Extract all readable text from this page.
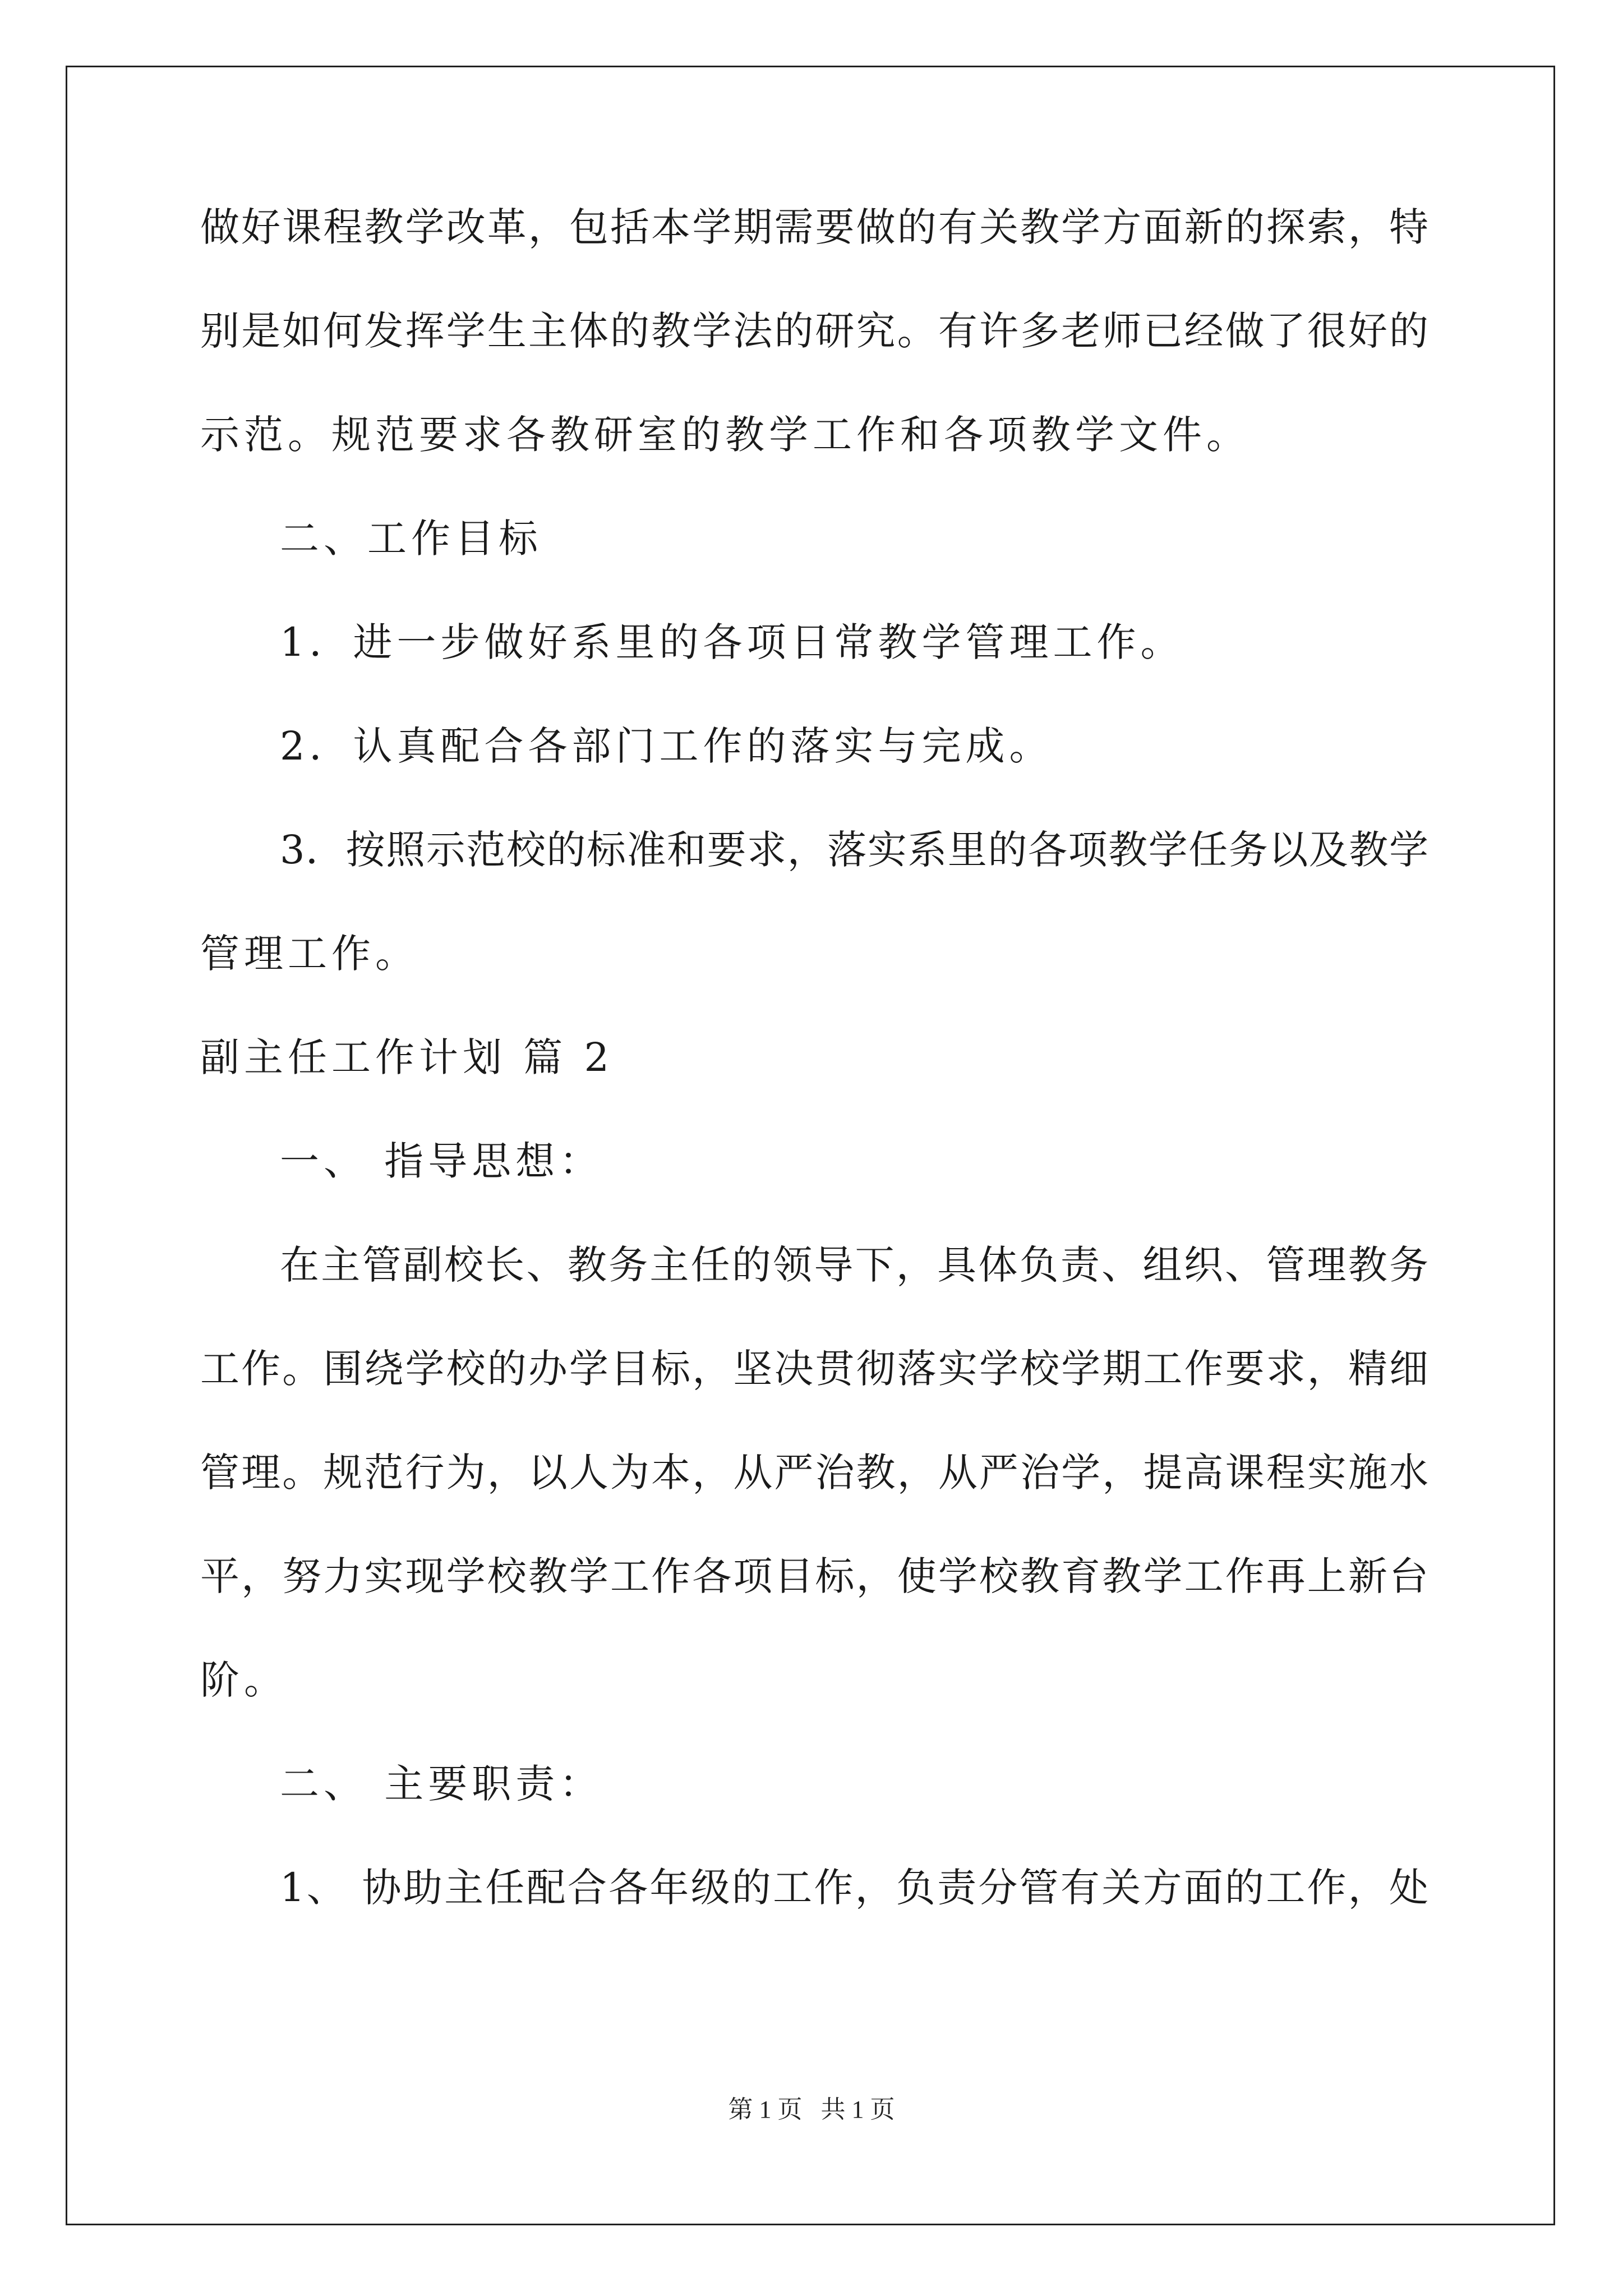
做好课程教学改革，包括本学期需要做的有关教学方面新的探索，特
别是如何发挥学生主体的教学法的研究。有许多老师已经做了很好的
示范。规范要求各教研室的教学工作和各项教学文件。
二、工作目标
1．进一步做好系里的各项日常教学管理工作。
2．认真配合各部门工作的落实与完成。
3．按照示范校的标准和要求，落实系里的各项教学任务以及教学
管理工作。
副主任工作计划 篇 2
一、 指导思想：
在主管副校长、教务主任的领导下，具体负责、组织、管理教务
工作。围绕学校的办学目标，坚决贯彻落实学校学期工作要求，精细
管理。规范行为，以人为本，从严治教，从严治学，提高课程实施水
平，努力实现学校教学工作各项目标，使学校教育教学工作再上新台
阶。
二、 主要职责：
1、 协助主任配合各年级的工作，负责分管有关方面的工作，处
第 1 页   共 1 页
